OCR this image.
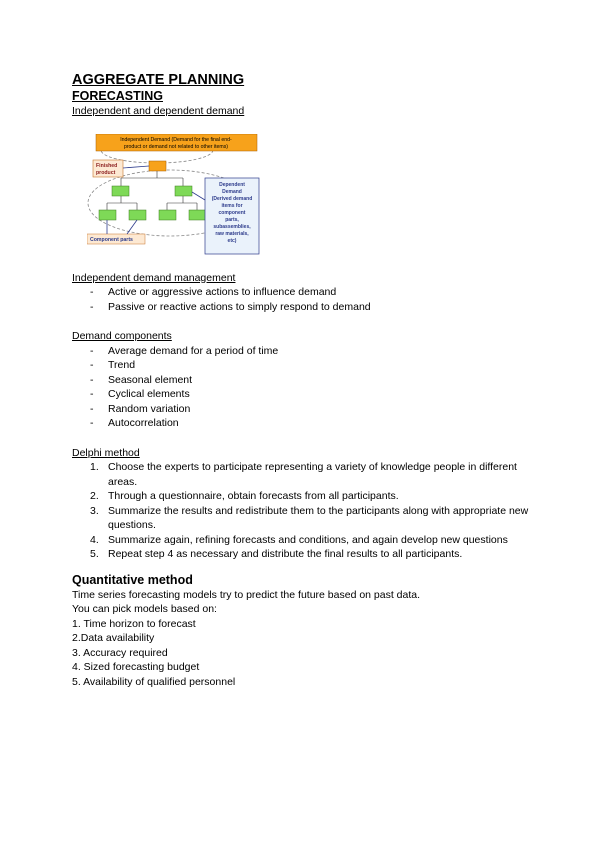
AGGREGATE PLANNING
FORECASTING
Independent and dependent demand
Independent demand management
- Active or aggressive actions to influence demand
- Passive or reactive actions to simply respond to demand
Demand components
- Average demand for a period of time
- Trend
- Seasonal element
- Cyclical elements
- Random variation
- Autocorrelation
Delphi method
1. Choose the experts to participate representing a variety of knowledge people in different areas.
2. Through a questionnaire, obtain forecasts from all participants.
3. Summarize the results and redistribute them to the participants along with appropriate new questions.
4. Summarize again, refining forecasts and conditions, and again develop new questions
5. Repeat step 4 as necessary and distribute the final results to all participants.
Quantitative method
Time series forecasting models try to predict the future based on past data.
You can pick models based on:
1. Time horizon to forecast
2.Data availability
3. Accuracy required
4. Sized forecasting budget
5. Availability of qualified personnel
Independent Demand (Demand for the final end-
product or demand not related to other items)
Finished
product
Dependent
Demand
(Derived demand
items for
component
parts,
subassemblies,
raw materials,
etc)
Component parts
